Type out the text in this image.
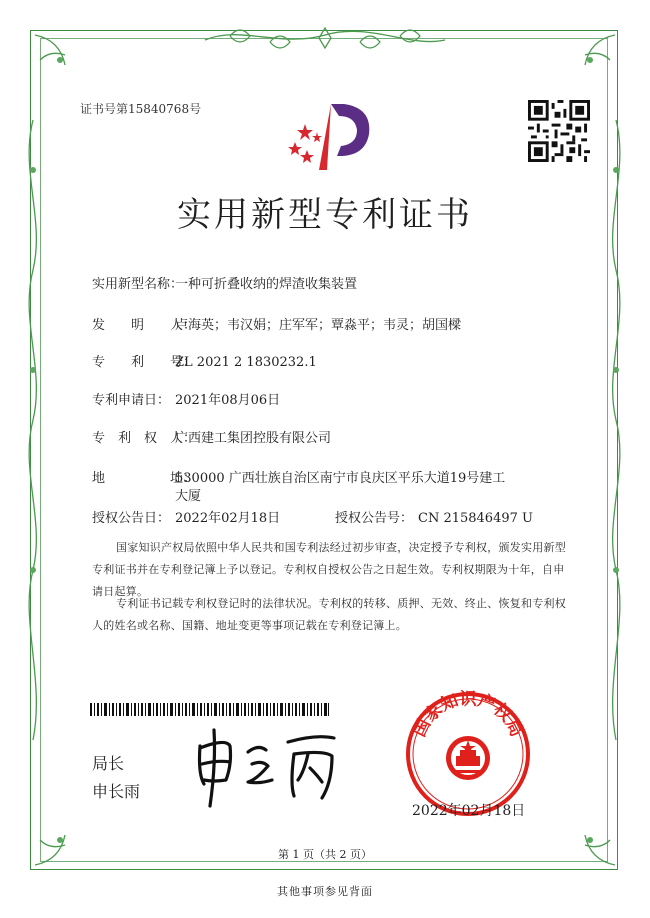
证书号第15840768号
实用新型专利证书
实用新型名称：
一种可折叠收纳的焊渣收集装置
发　　明　　人：
卢海英；韦汉娟；庄军军；覃淼平；韦灵；胡国樑
专　　利　　号：
ZL 2021 2 1830232.1
专利申请日： 2021年08月06日
专　利　权　人：
广西建工集团控股有限公司
地　　　　　址：
530000 广西壮族自治区南宁市良庆区平乐大道19号建工
大厦
授权公告日： 2022年02月18日	授权公告号： CN 215846497 U
国家知识产权局依照中华人民共和国专利法经过初步审查，决定授予专利权，颁发实用新型专利证书并在专利登记簿上予以登记。专利权自授权公告之日起生效。专利权期限为十年，自申请日起算。
专利证书记载专利权登记时的法律状况。专利权的转移、质押、无效、终止、恢复和专利权人的姓名或名称、国籍、地址变更等事项记载在专利登记簿上。
局长
申长雨
国家知识产权局
2022年02月18日
第 1 页（共 2 页）
其他事项参见背面
